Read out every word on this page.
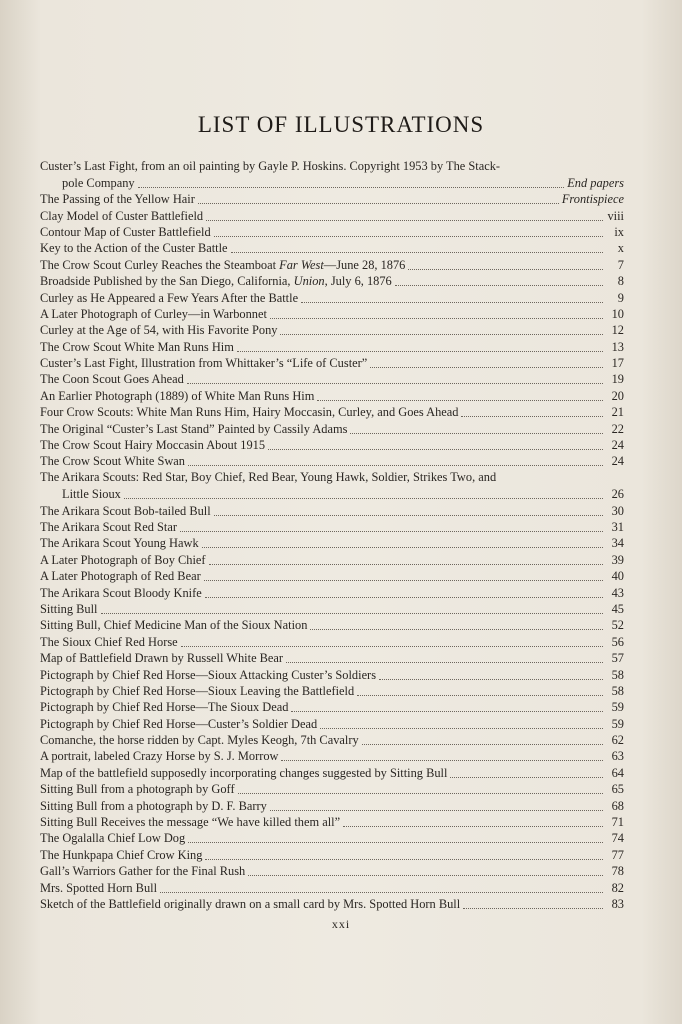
LIST OF ILLUSTRATIONS
Custer’s Last Fight, from an oil painting by Gayle P. Hoskins. Copyright 1953 by The Stack-
pole Company	End papers
The Passing of the Yellow Hair	Frontispiece
Clay Model of Custer Battlefield	viii
Contour Map of Custer Battlefield	ix
Key to the Action of the Custer Battle	x
The Crow Scout Curley Reaches the Steamboat Far West—June 28, 1876	7
Broadside Published by the San Diego, California, Union, July 6, 1876	8
Curley as He Appeared a Few Years After the Battle	9
A Later Photograph of Curley—in Warbonnet	10
Curley at the Age of 54, with His Favorite Pony	12
The Crow Scout White Man Runs Him	13
Custer’s Last Fight, Illustration from Whittaker’s “Life of Custer”	17
The Coon Scout Goes Ahead	19
An Earlier Photograph (1889) of White Man Runs Him	20
Four Crow Scouts: White Man Runs Him, Hairy Moccasin, Curley, and Goes Ahead	21
The Original “Custer’s Last Stand” Painted by Cassily Adams	22
The Crow Scout Hairy Moccasin About 1915	24
The Crow Scout White Swan	24
The Arikara Scouts: Red Star, Boy Chief, Red Bear, Young Hawk, Soldier, Strikes Two, and
Little Sioux	26
The Arikara Scout Bob-tailed Bull	30
The Arikara Scout Red Star	31
The Arikara Scout Young Hawk	34
A Later Photograph of Boy Chief	39
A Later Photograph of Red Bear	40
The Arikara Scout Bloody Knife	43
Sitting Bull	45
Sitting Bull, Chief Medicine Man of the Sioux Nation	52
The Sioux Chief Red Horse	56
Map of Battlefield Drawn by Russell White Bear	57
Pictograph by Chief Red Horse—Sioux Attacking Custer’s Soldiers	58
Pictograph by Chief Red Horse—Sioux Leaving the Battlefield	58
Pictograph by Chief Red Horse—The Sioux Dead	59
Pictograph by Chief Red Horse—Custer’s Soldier Dead	59
Comanche, the horse ridden by Capt. Myles Keogh, 7th Cavalry	62
A portrait, labeled Crazy Horse by S. J. Morrow	63
Map of the battlefield supposedly incorporating changes suggested by Sitting Bull	64
Sitting Bull from a photograph by Goff	65
Sitting Bull from a photograph by D. F. Barry	68
Sitting Bull Receives the message “We have killed them all”	71
The Ogalalla Chief Low Dog	74
The Hunkpapa Chief Crow King	77
Gall’s Warriors Gather for the Final Rush	78
Mrs. Spotted Horn Bull	82
Sketch of the Battlefield originally drawn on a small card by Mrs. Spotted Horn Bull	83
xxi
